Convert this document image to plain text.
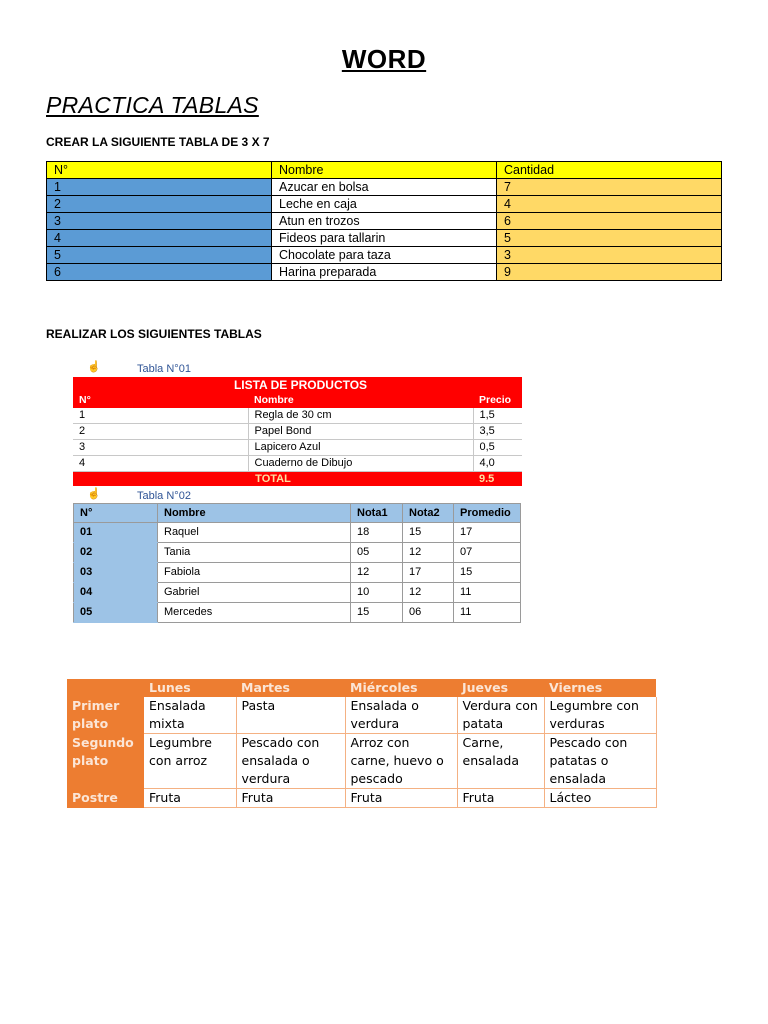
WORD
PRACTICA TABLAS
CREAR LA SIGUIENTE TABLA DE 3 X 7
N°	Nombre	Cantidad
1	Azucar en bolsa	7
2	Leche en caja	4
3	Atun en trozos	6
4	Fideos para tallarin	5
5	Chocolate para taza	3
6	Harina preparada	9
REALIZAR LOS SIGUIENTES TABLAS
☝	Tabla N°01
LISTA DE PRODUCTOS		
N°	Nombre	Precio
1	Regla de 30 cm	1,5
2	Papel Bond	3,5
3	Lapicero Azul	0,5
4	Cuaderno de Dibujo	4,0
TOTAL		9.5
☝	Tabla N°02
N°	Nombre	Nota1	Nota2	Promedio
01	Raquel	18	15	17
02	Tania	05	12	07
03	Fabiola	12	17	15
04	Gabriel	10	12	11
05	Mercedes	15	06	11
	Lunes	Martes	Miércoles	Jueves	Viernes
Primer plato	Ensalada mixta	Pasta	Ensalada o verdura	Verdura con patata	Legumbre con verduras
Segundo plato	Legumbre con arroz	Pescado con ensalada o verdura	Arroz con carne, huevo o pescado	Carne, ensalada	Pescado con patatas o ensalada
Postre	Fruta	Fruta	Fruta	Fruta	Lácteo
